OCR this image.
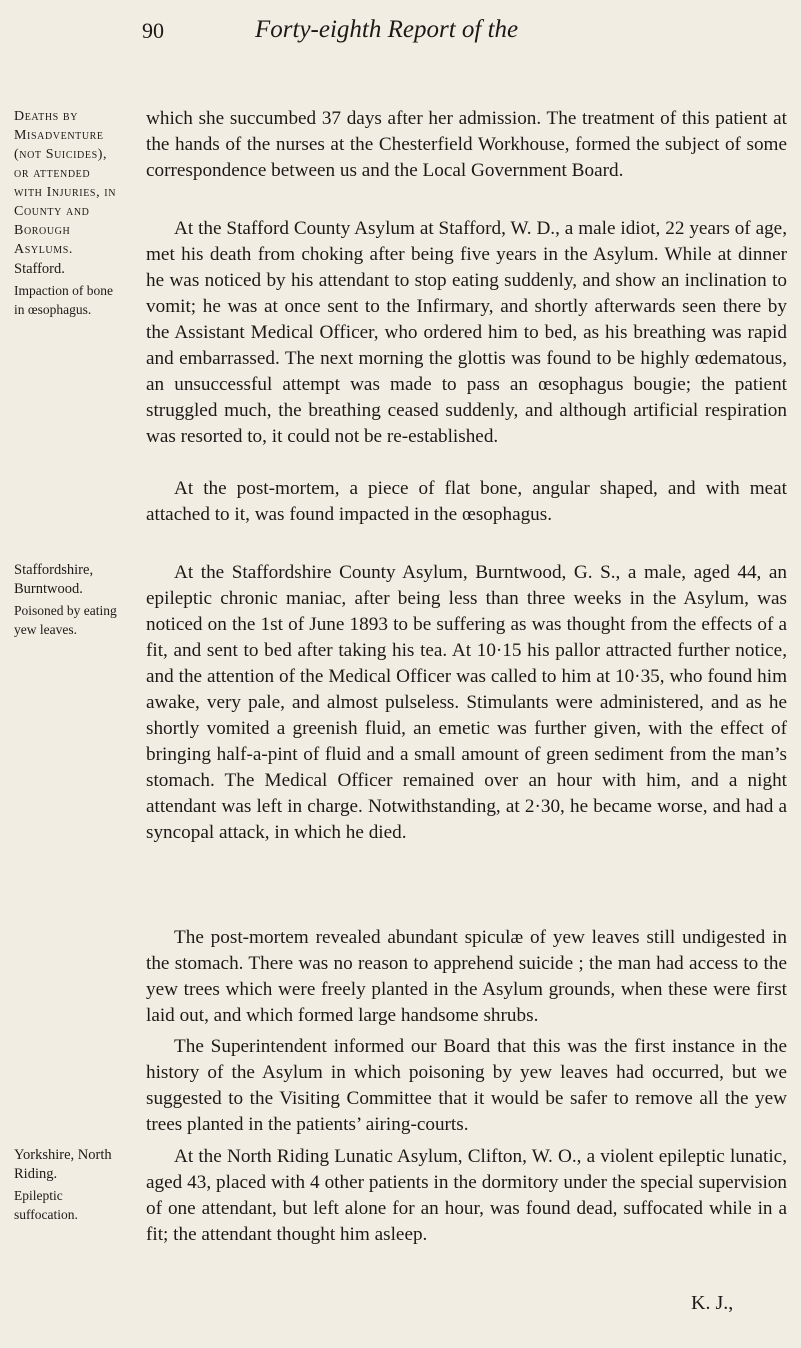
90	Forty-eighth Report of the
Deaths by Misadventure (not Suicides), or attended with Injuries, in County and Borough Asylums.
Stafford.
Impaction of bone in œsophagus.
Staffordshire, Burntwood.
Poisoned by eating yew leaves.
Yorkshire, North Riding.
Epileptic suffocation.

which she succumbed 37 days after her admission. The treatment of this patient at the hands of the nurses at the Chesterfield Workhouse, formed the subject of some correspondence between us and the Local Government Board.

At the Stafford County Asylum at Stafford, W. D., a male idiot, 22 years of age, met his death from choking after being five years in the Asylum. While at dinner he was noticed by his attendant to stop eating suddenly, and show an inclination to vomit; he was at once sent to the Infirmary, and shortly afterwards seen there by the Assistant Medical Officer, who ordered him to bed, as his breathing was rapid and embarrassed. The next morning the glottis was found to be highly œdematous, an unsuccessful attempt was made to pass an œsophagus bougie; the patient struggled much, the breathing ceased suddenly, and although artificial respiration was resorted to, it could not be re-established.

At the post-mortem, a piece of flat bone, angular shaped, and with meat attached to it, was found impacted in the œsophagus.

At the Staffordshire County Asylum, Burntwood, G. S., a male, aged 44, an epileptic chronic maniac, after being less than three weeks in the Asylum, was noticed on the 1st of June 1893 to be suffering as was thought from the effects of a fit, and sent to bed after taking his tea. At 10·15 his pallor attracted further notice, and the attention of the Medical Officer was called to him at 10·35, who found him awake, very pale, and almost pulseless. Stimulants were administered, and as he shortly vomited a greenish fluid, an emetic was further given, with the effect of bringing half-a-pint of fluid and a small amount of green sediment from the man’s stomach. The Medical Officer remained over an hour with him, and a night attendant was left in charge. Notwithstanding, at 2·30, he became worse, and had a syncopal attack, in which he died.

The post-mortem revealed abundant spiculæ of yew leaves still undigested in the stomach. There was no reason to apprehend suicide ; the man had access to the yew trees which were freely planted in the Asylum grounds, when these were first laid out, and which formed large handsome shrubs.

The Superintendent informed our Board that this was the first instance in the history of the Asylum in which poisoning by yew leaves had occurred, but we suggested to the Visiting Committee that it would be safer to remove all the yew trees planted in the patients’ airing-courts.

At the North Riding Lunatic Asylum, Clifton, W. O., a violent epileptic lunatic, aged 43, placed with 4 other patients in the dormitory under the special supervision of one attendant, but left alone for an hour, was found dead, suffocated while in a fit; the attendant thought him asleep.

K. J.,
